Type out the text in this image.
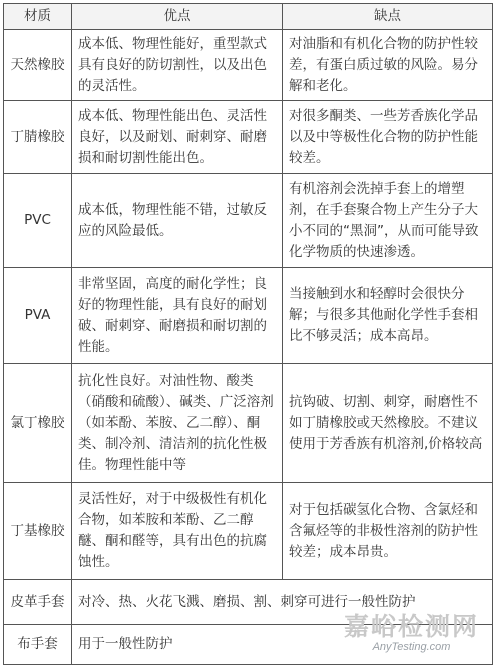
材质	优点	缺点
天然橡胶	成本低、物理性能好，重型款式具有良好的防切割性，以及出色的灵活性。	对油脂和有机化合物的防护性较差，有蛋白质过敏的风险。易分解和老化。
丁腈橡胶	成本低、物理性能出色、灵活性良好，以及耐划、耐刺穿、耐磨损和耐切割性能出色。	对很多酮类、一些芳香族化学品以及中等极性化合物的防护性能较差。
PVC	成本低，物理性能不错，过敏反应的风险最低。	有机溶剂会洗掉手套上的增塑剂，在手套聚合物上产生分子大小不同的“黑洞”，从而可能导致化学物质的快速渗透。
PVA	非常坚固，高度的耐化学性；良好的物理性能，具有良好的耐划破、耐刺穿、耐磨损和耐切割的性能。	当接触到水和轻醇时会很快分解；与很多其他耐化学性手套相比不够灵活；成本高昂。
氯丁橡胶	抗化性良好。对油性物、酸类（硝酸和硫酸）、碱类、广泛溶剂（如苯酚、苯胺、乙二醇）、酮类、制冷剂、清洁剂的抗化性极佳。物理性能中等	抗钩破、切割、刺穿，耐磨性不如丁腈橡胶或天然橡胶。不建议使用于芳香族有机溶剂,价格较高
丁基橡胶	灵活性好，对于中级极性有机化合物，如苯胺和苯酚、乙二醇醚、酮和醛等，具有出色的抗腐蚀性。	对于包括碳氢化合物、含氯烃和含氟烃等的非极性溶剂的防护性较差；成本昂贵。
皮革手套	对冷、热、火花飞溅、磨损、割、刺穿可进行一般性防护	
布手套	用于一般性防护	
嘉峪检测网
AnyTesting.com
